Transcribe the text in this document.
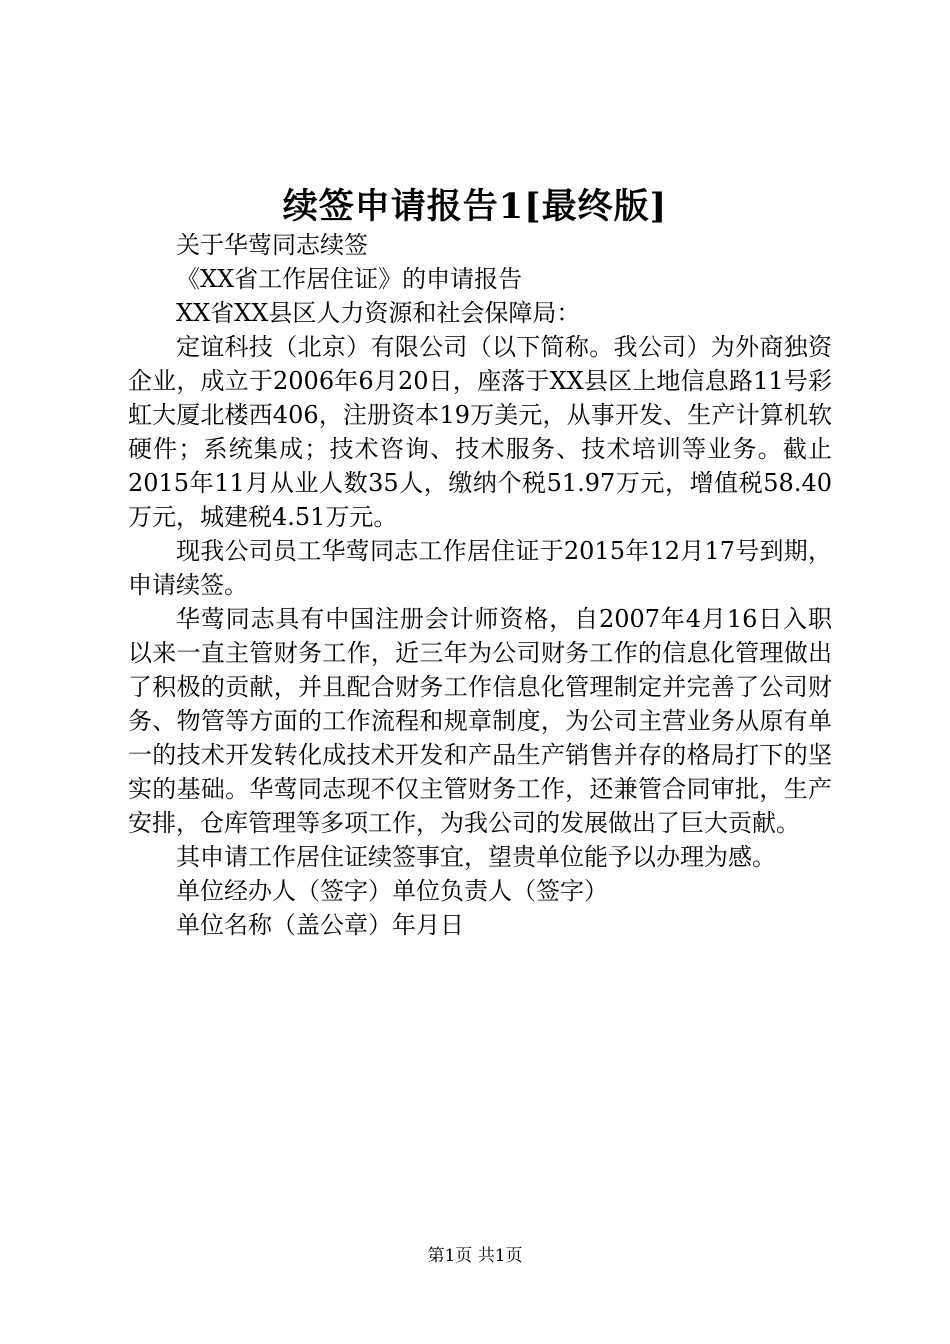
续签申请报告1[最终版]

关于华莺同志续签

《XX省工作居住证》的申请报告

XX省XX县区人力资源和社会保障局：

定谊科技（北京）有限公司（以下简称。我公司）为外商独资企业，成立于2006年6月20日，座落于XX县区上地信息路11号彩虹大厦北楼西406，注册资本19万美元，从事开发、生产计算机软硬件；系统集成；技术咨询、技术服务、技术培训等业务。截止2015年11月从业人数35人，缴纳个税51.97万元，增值税58.40万元，城建税4.51万元。

现我公司员工华莺同志工作居住证于2015年12月17号到期，申请续签。

华莺同志具有中国注册会计师资格，自2007年4月16日入职以来一直主管财务工作，近三年为公司财务工作的信息化管理做出了积极的贡献，并且配合财务工作信息化管理制定并完善了公司财务、物管等方面的工作流程和规章制度，为公司主营业务从原有单一的技术开发转化成技术开发和产品生产销售并存的格局打下的坚实的基础。华莺同志现不仅主管财务工作，还兼管合同审批，生产安排，仓库管理等多项工作，为我公司的发展做出了巨大贡献。

其申请工作居住证续签事宜，望贵单位能予以办理为感。

单位经办人（签字）单位负责人（签字）

单位名称（盖公章）年月日

第1页 共1页
